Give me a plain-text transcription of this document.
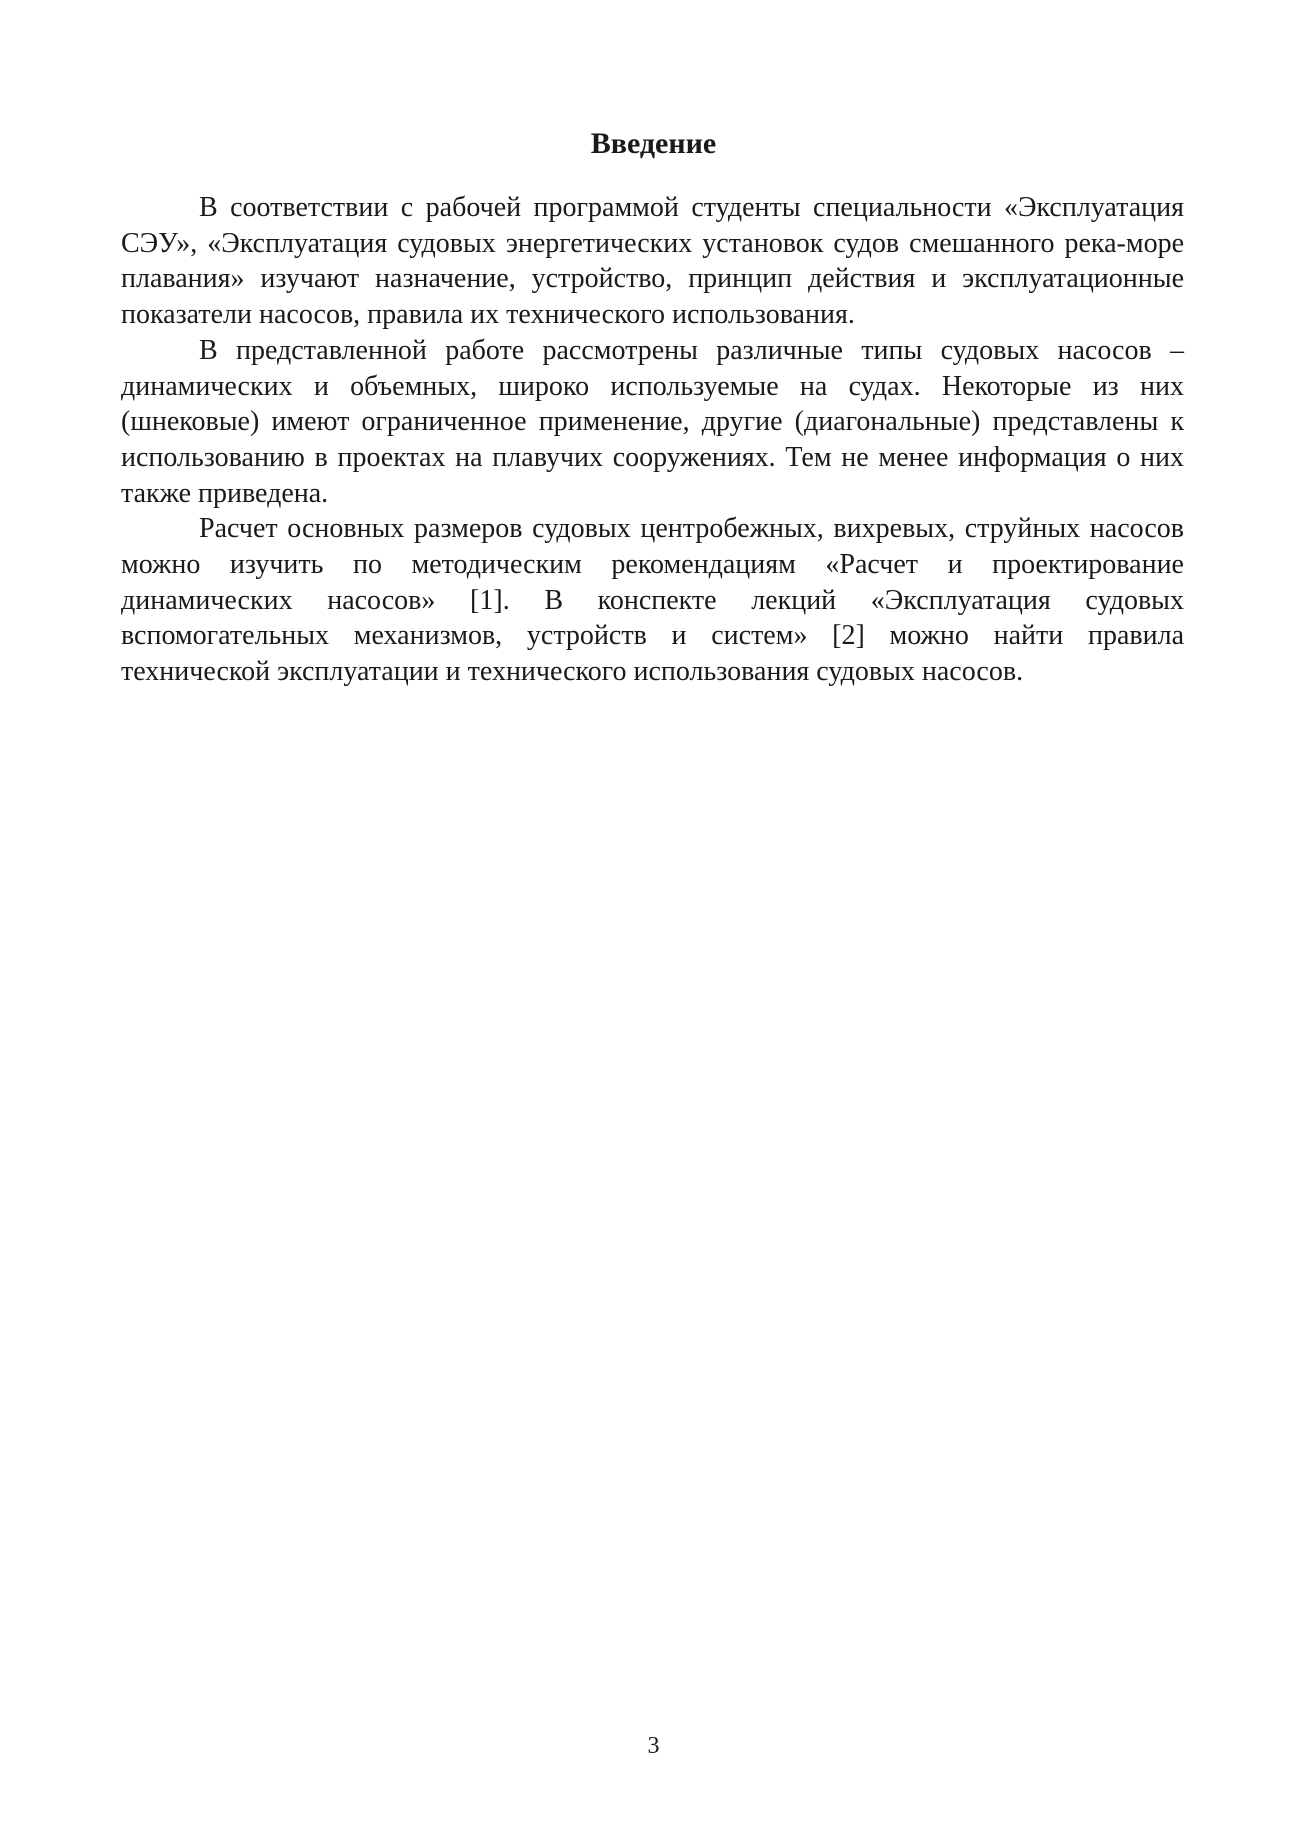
Введение

В соответствии с рабочей программой студенты специальности «Эксплуатация СЭУ», «Эксплуатация судовых энергетических установок судов смешанного река-море плавания» изучают назначение, устройство, принцип действия и эксплуатационные показатели насосов, правила их технического использования.

В представленной работе рассмотрены различные типы судовых насосов – динамических и объемных, широко используемые на судах. Некоторые из них (шнековые) имеют ограниченное применение, другие (диагональные) представлены к использованию в проектах на плавучих сооружениях. Тем не менее информация о них также приведена.

Расчет основных размеров судовых центробежных, вихревых, струйных насосов можно изучить по методическим рекомендациям «Расчет и проектирование динамических насосов» [1]. В конспекте лекций «Эксплуатация судовых вспомогательных механизмов, устройств и систем» [2] можно найти правила технической эксплуатации и технического использования судовых насосов.

3
